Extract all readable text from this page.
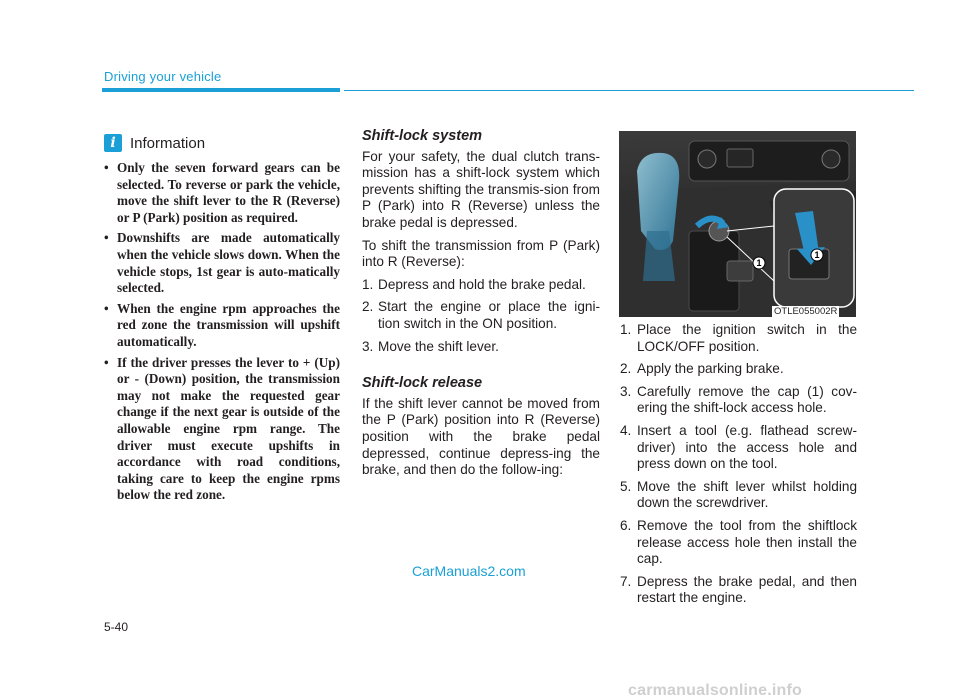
Driving your vehicle
i Information
• Only the seven forward gears can be selected. To reverse or park the vehicle, move the shift lever to the R (Reverse) or P (Park) position as required.
• Downshifts are made automatically when the vehicle slows down. When the vehicle stops, 1st gear is auto-matically selected.
• When the engine rpm approaches the red zone the transmission will upshift automatically.
• If the driver presses the lever to + (Up) or - (Down) position, the transmission may not make the requested gear change if the next gear is outside of the allowable engine rpm range. The driver must execute upshifts in accordance with road conditions, taking care to keep the engine rpms below the red zone.
Shift-lock system

For your safety, the dual clutch trans-mission has a shift-lock system which prevents shifting the transmis-sion from P (Park) into R (Reverse) unless the brake pedal is depressed.

To shift the transmission from P (Park) into R (Reverse):

1. Depress and hold the brake pedal.
2. Start the engine or place the igni-tion switch in the ON position.
3. Move the shift lever.
Shift-lock release

If the shift lever cannot be moved from the P (Park) position into R (Reverse) position with the brake pedal depressed, continue depress-ing the brake, and then do the follow-ing:

1
1
OTLE055002R
1. Place the ignition switch in the LOCK/OFF position.
2. Apply the parking brake.
3. Carefully remove the cap (1) cov-ering the shift-lock access hole.
4. Insert a tool (e.g. flathead screw-driver) into the access hole and press down on the tool.
5. Move the shift lever whilst holding down the screwdriver.
6. Remove the tool from the shiftlock release access hole then install the cap.
7. Depress the brake pedal, and then restart the engine.
CarManuals2.com
5-40
carmanualsonline.info
